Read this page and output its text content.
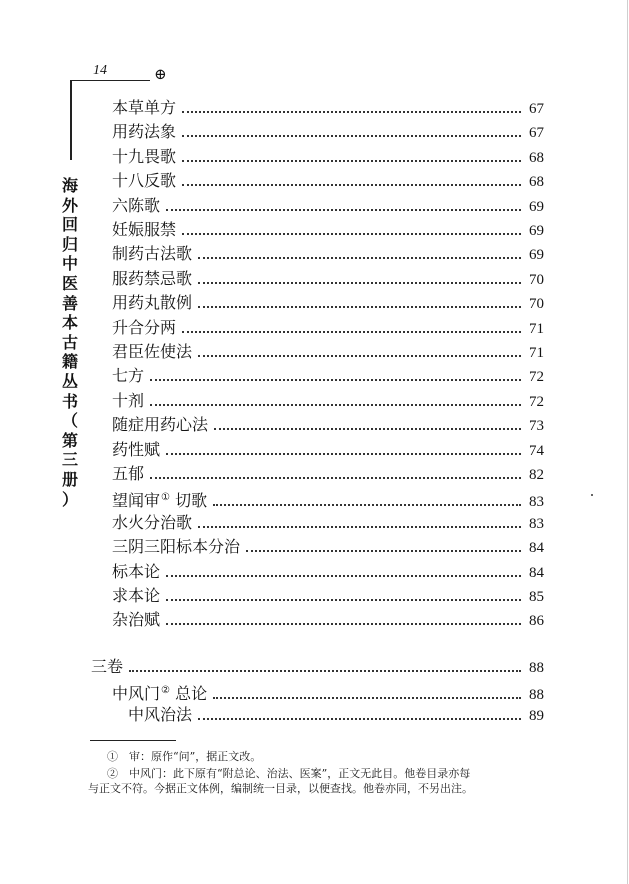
14	⊕
海
外
回
归
中
医
善
本
古
籍
丛
书
（
第
三
册
）
本草单方	67
用药法象	67
十九畏歌	68
十八反歌	68
六陈歌	69
妊娠服禁	69
制药古法歌	69
服药禁忌歌	70
用药丸散例	70
升合分两	71
君臣佐使法	71
七方	72
十剂	72
随症用药心法	73
药性赋	74
五郁	82
望闻审① 切歌	83
水火分治歌	83
三阴三阳标本分治	84
标本论	84
求本论	85
杂治赋	86
三卷	88
中风门② 总论	88
中风治法	89
①　审：原作“问”，据正文改。
②　中风门：此下原有“附总论、治法、医案”，正文无此目。他卷目录亦每
与正文不符。今据正文体例，编制统一目录，以便查找。他卷亦同，不另出注。
